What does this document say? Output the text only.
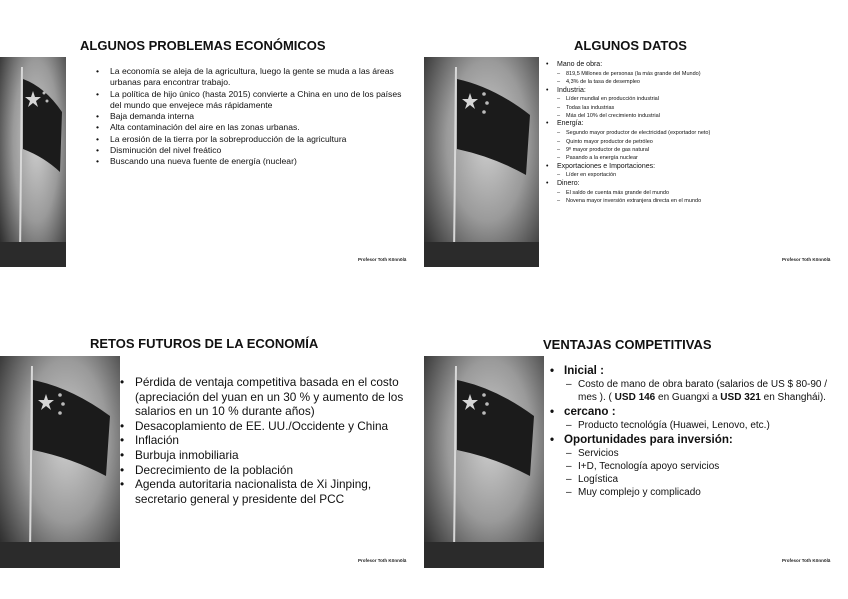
ALGUNOS PROBLEMAS ECONÓMICOS
• La economía se aleja de la agricultura, luego la gente se muda a las áreas urbanas para encontrar trabajo.
• La política de hijo único (hasta 2015) convierte a China en uno de los países del mundo que envejece más rápidamente
• Baja demanda interna
• Alta contaminación del aire en las zonas urbanas.
• La erosión de la tierra por la sobreproducción de la agricultura
• Disminución del nivel freático
• Buscando una nueva fuente de energía (nuclear)
Profesor Toth Könnölä
ALGUNOS DATOS
• Mano de obra:
– 819,5 Millones de personas (la más grande del Mundo)
– 4,3% de la tasa de desempleo
• Industria:
– Líder mundial en producción industrial
– Todas las industrias
– Más del 10% del crecimiento industrial
• Energía:
– Segundo mayor productor de electricidad (exportador neto)
– Quinto mayor productor de petróleo
– 9º mayor productor de gas natural
– Pasando a la energía nuclear
• Exportaciones e Importaciones:
– Líder en exportación
• Dinero:
– El saldo de cuenta más grande del mundo
– Novena mayor inversión extranjera directa en el mundo
Profesor Toth Könnölä
RETOS FUTUROS DE LA ECONOMÍA
• Pérdida de ventaja competitiva basada en el costo (apreciación del yuan en un 30 % y aumento de los salarios en un 10 % durante años)
• Desacoplamiento de EE. UU./Occidente y China
• Inflación
• Burbuja inmobiliaria
• Decrecimiento de la población
• Agenda autoritaria nacionalista de Xi Jinping, secretario general y presidente del PCC
Profesor Toth Könnölä
VENTAJAS COMPETITIVAS
• Inicial :
– Costo de mano de obra barato (salarios de US $ 80-90 / mes ). ( USD 146 en Guangxi a USD 321 en Shanghái).
• cercano :
– Producto tecnológía (Huawei, Lenovo, etc.)
• Oportunidades para inversión:
– Servicios
– I+D, Tecnología apoyo servicios
– Logística
– Muy complejo y complicado
Profesor Toth Könnölä
